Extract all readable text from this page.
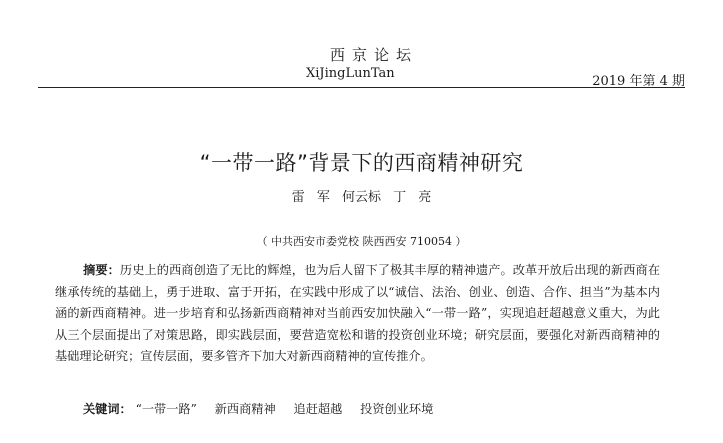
西京论坛
XiJingLunTan
2019 年第 4 期
“一带一路”背景下的西商精神研究
雷 军 何云标 丁 亮
（ 中共西安市委党校 陕西西安 710054 ）
摘要：历史上的西商创造了无比的辉煌，也为后人留下了极其丰厚的精神遗产。改革开放后出现的新西商在继承传统的基础上，勇于进取、富于开拓，在实践中形成了以“诚信、法治、创业、创造、合作、担当”为基本内涵的新西商精神。进一步培育和弘扬新西商精神对当前西安加快融入“一带一路”，实现追赶超越意义重大，为此从三个层面提出了对策思路，即实践层面，要营造宽松和谐的投资创业环境；研究层面，要强化对新西商精神的基础理论研究；宣传层面，要多管齐下加大对新西商精神的宣传推介。
关键词： “一带一路” 新西商精神 追赶超越 投资创业环境
